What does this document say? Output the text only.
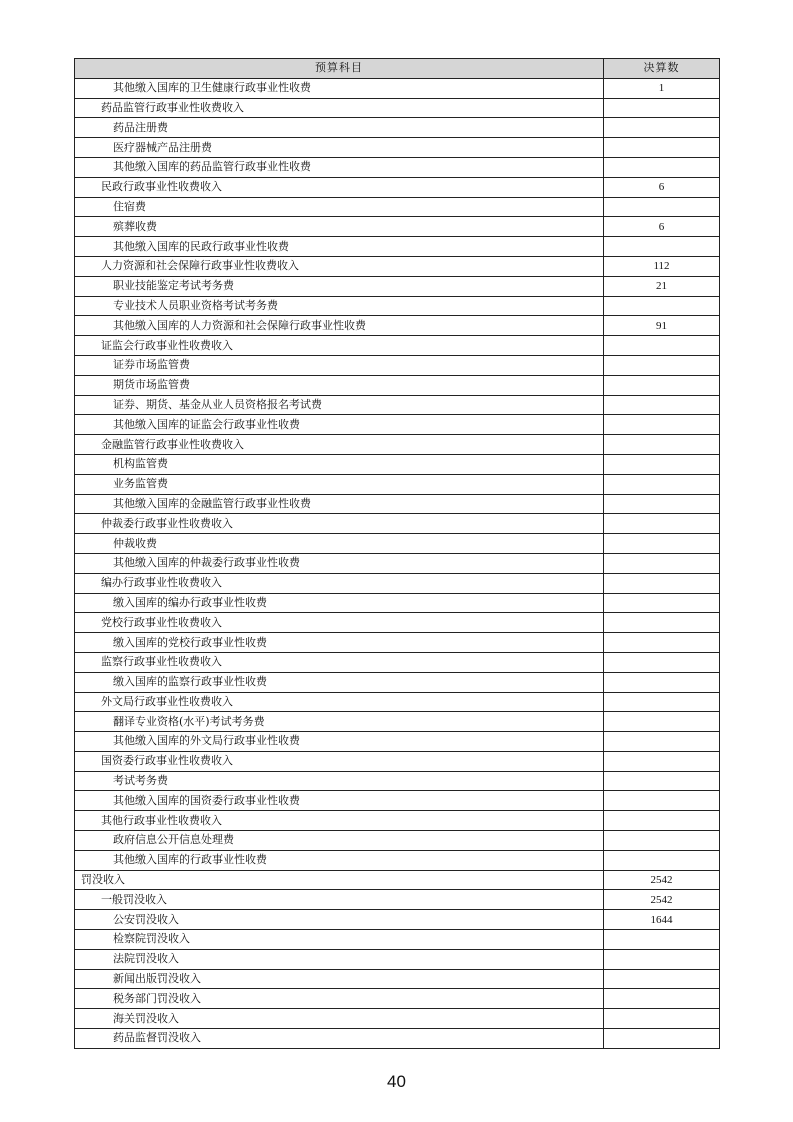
预算科目	决算数
其他缴入国库的卫生健康行政事业性收费	1
药品监管行政事业性收费收入	
药品注册费	
医疗器械产品注册费	
其他缴入国库的药品监管行政事业性收费	
民政行政事业性收费收入	6
住宿费	
殡葬收费	6
其他缴入国库的民政行政事业性收费	
人力资源和社会保障行政事业性收费收入	112
职业技能鉴定考试考务费	21
专业技术人员职业资格考试考务费	
其他缴入国库的人力资源和社会保障行政事业性收费	91
证监会行政事业性收费收入	
证券市场监管费	
期货市场监管费	
证券、期货、基金从业人员资格报名考试费	
其他缴入国库的证监会行政事业性收费	
金融监管行政事业性收费收入	
机构监管费	
业务监管费	
其他缴入国库的金融监管行政事业性收费	
仲裁委行政事业性收费收入	
仲裁收费	
其他缴入国库的仲裁委行政事业性收费	
编办行政事业性收费收入	
缴入国库的编办行政事业性收费	
党校行政事业性收费收入	
缴入国库的党校行政事业性收费	
监察行政事业性收费收入	
缴入国库的监察行政事业性收费	
外文局行政事业性收费收入	
翻译专业资格(水平)考试考务费	
其他缴入国库的外文局行政事业性收费	
国资委行政事业性收费收入	
考试考务费	
其他缴入国库的国资委行政事业性收费	
其他行政事业性收费收入	
政府信息公开信息处理费	
其他缴入国库的行政事业性收费	
罚没收入	2542
一般罚没收入	2542
公安罚没收入	1644
检察院罚没收入	
法院罚没收入	
新闻出版罚没收入	
税务部门罚没收入	
海关罚没收入	
药品监督罚没收入	
40
